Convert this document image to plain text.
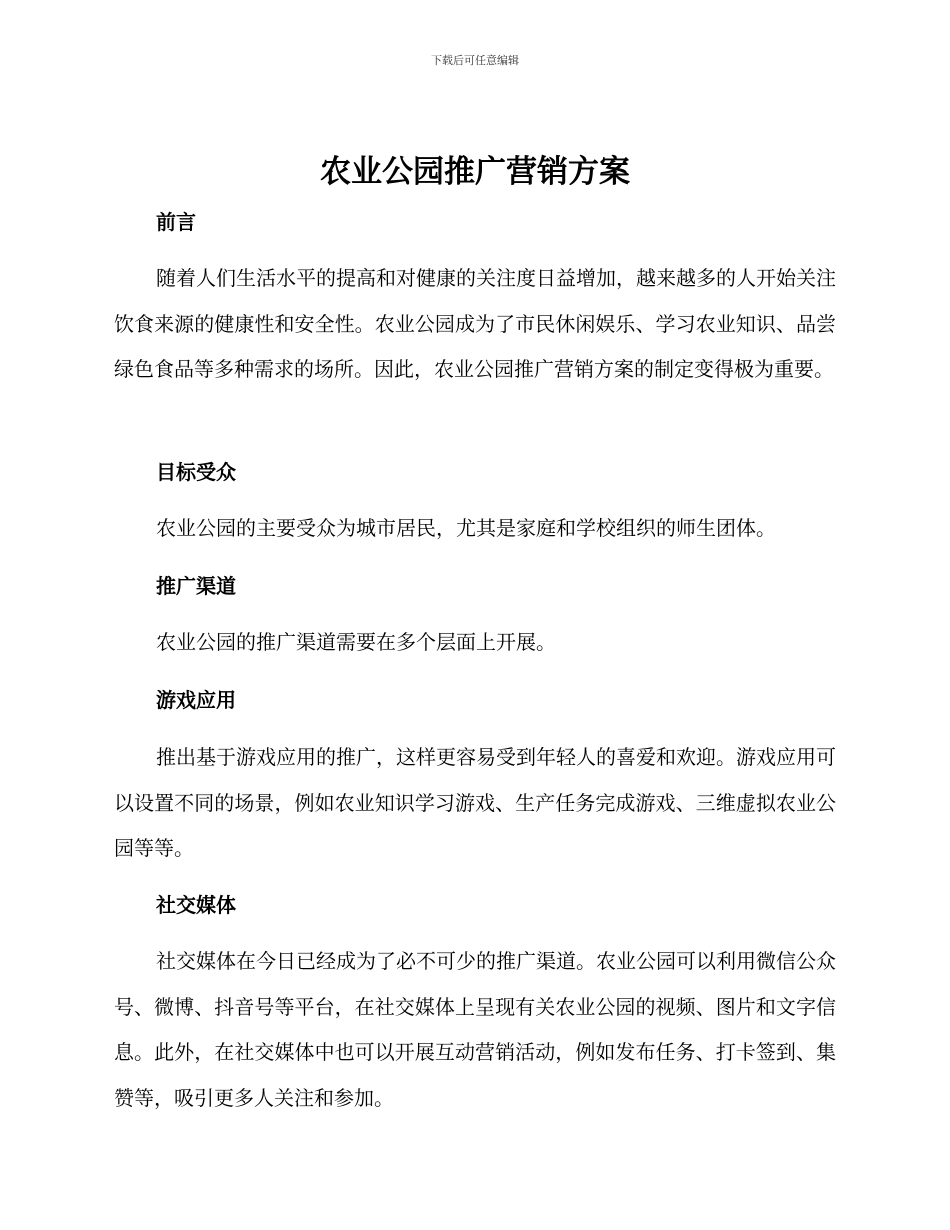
下载后可任意编辑
农业公园推广营销方案
前言

随着人们生活水平的提高和对健康的关注度日益增加，越来越多的人开始关注饮食来源的健康性和安全性。农业公园成为了市民休闲娱乐、学习农业知识、品尝绿色食品等多种需求的场所。因此，农业公园推广营销方案的制定变得极为重要。

目标受众

农业公园的主要受众为城市居民，尤其是家庭和学校组织的师生团体。

推广渠道

农业公园的推广渠道需要在多个层面上开展。

游戏应用

推出基于游戏应用的推广，这样更容易受到年轻人的喜爱和欢迎。游戏应用可以设置不同的场景，例如农业知识学习游戏、生产任务完成游戏、三维虚拟农业公园等等。

社交媒体

社交媒体在今日已经成为了必不可少的推广渠道。农业公园可以利用微信公众号、微博、抖音号等平台，在社交媒体上呈现有关农业公园的视频、图片和文字信息。此外，在社交媒体中也可以开展互动营销活动，例如发布任务、打卡签到、集赞等，吸引更多人关注和参加。
